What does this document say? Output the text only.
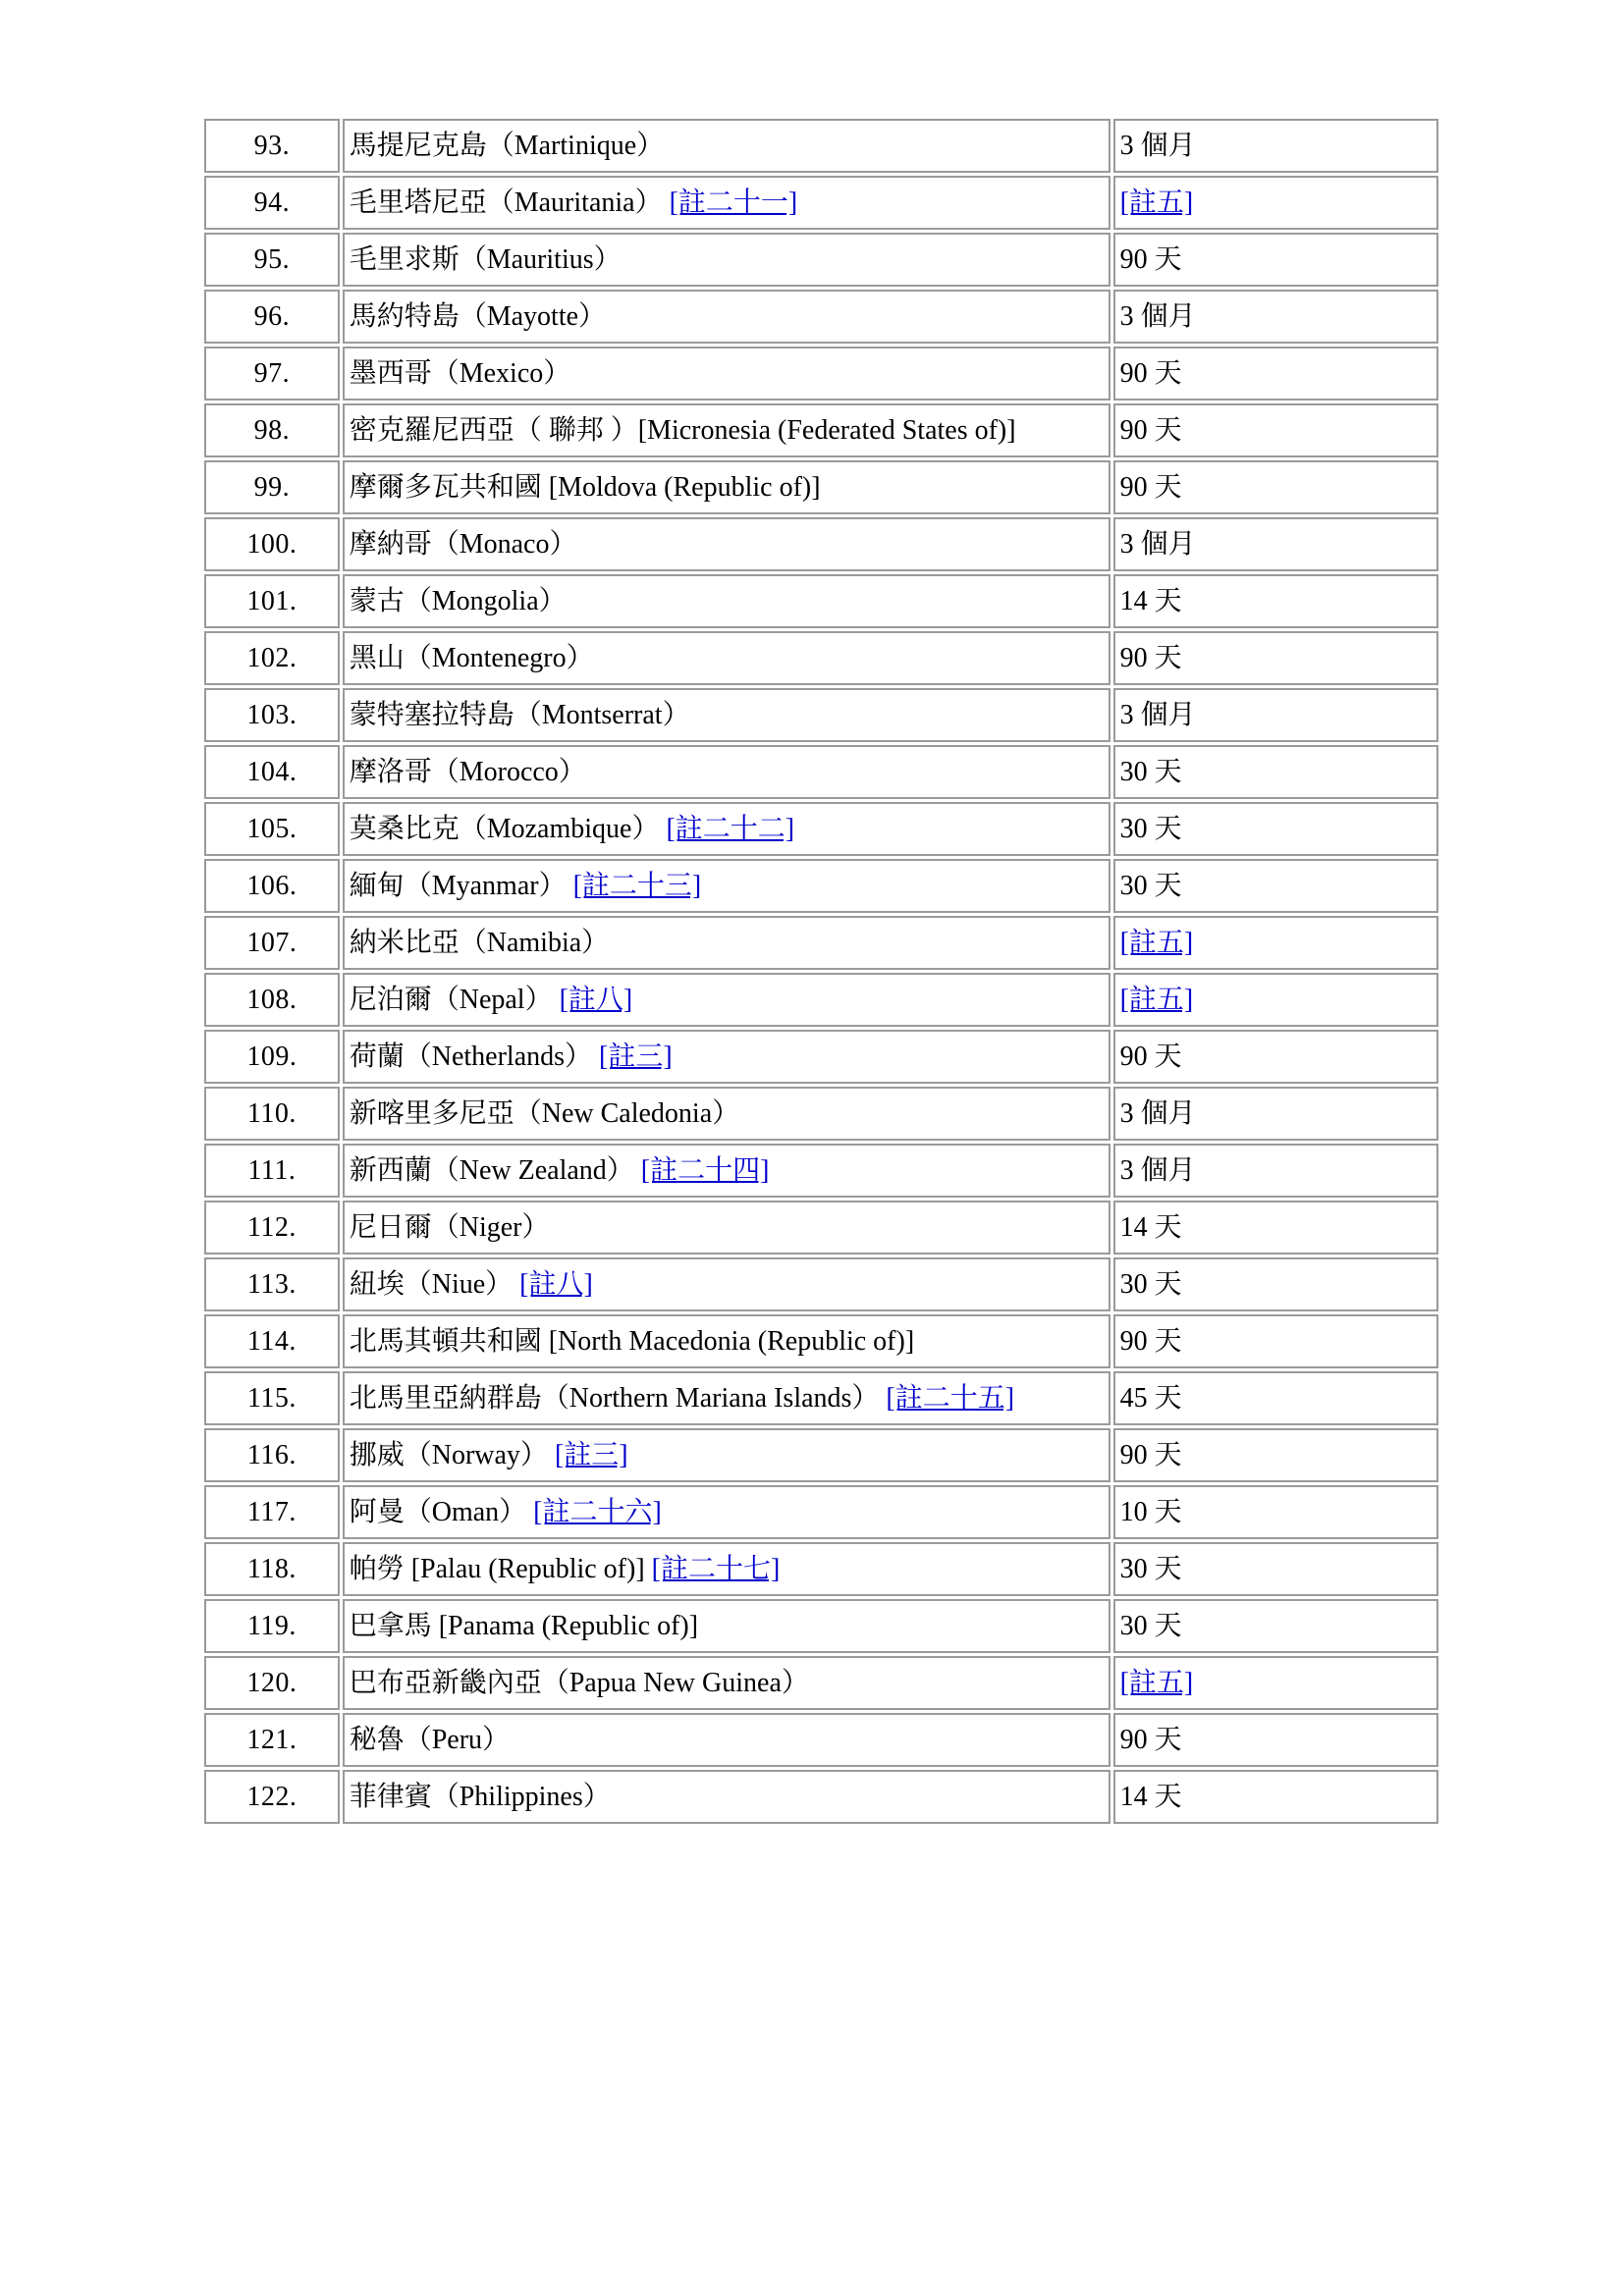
93.	馬提尼克島（Martinique）	3 個月
94.	毛里塔尼亞（Mauritania） [註二十一]	[註五]
95.	毛里求斯（Mauritius）	90 天
96.	馬約特島（Mayotte）	3 個月
97.	墨西哥（Mexico）	90 天
98.	密克羅尼西亞（ 聯邦 ）[Micronesia (Federated States of)]	90 天
99.	摩爾多瓦共和國 [Moldova (Republic of)]	90 天
100.	摩納哥（Monaco）	3 個月
101.	蒙古（Mongolia）	14 天
102.	黑山（Montenegro）	90 天
103.	蒙特塞拉特島（Montserrat）	3 個月
104.	摩洛哥（Morocco）	30 天
105.	莫桑比克（Mozambique） [註二十二]	30 天
106.	緬甸（Myanmar） [註二十三]	30 天
107.	納米比亞（Namibia）	[註五]
108.	尼泊爾（Nepal） [註八]	[註五]
109.	荷蘭（Netherlands） [註三]	90 天
110.	新喀里多尼亞（New Caledonia）	3 個月
111.	新西蘭（New Zealand） [註二十四]	3 個月
112.	尼日爾（Niger）	14 天
113.	紐埃（Niue） [註八]	30 天
114.	北馬其頓共和國 [North Macedonia (Republic of)]	90 天
115.	北馬里亞納群島（Northern Mariana Islands） [註二十五]	45 天
116.	挪威（Norway） [註三]	90 天
117.	阿曼（Oman） [註二十六]	10 天
118.	帕勞 [Palau (Republic of)] [註二十七]	30 天
119.	巴拿馬 [Panama (Republic of)]	30 天
120.	巴布亞新畿內亞（Papua New Guinea）	[註五]
121.	秘魯（Peru）	90 天
122.	菲律賓（Philippines）	14 天
